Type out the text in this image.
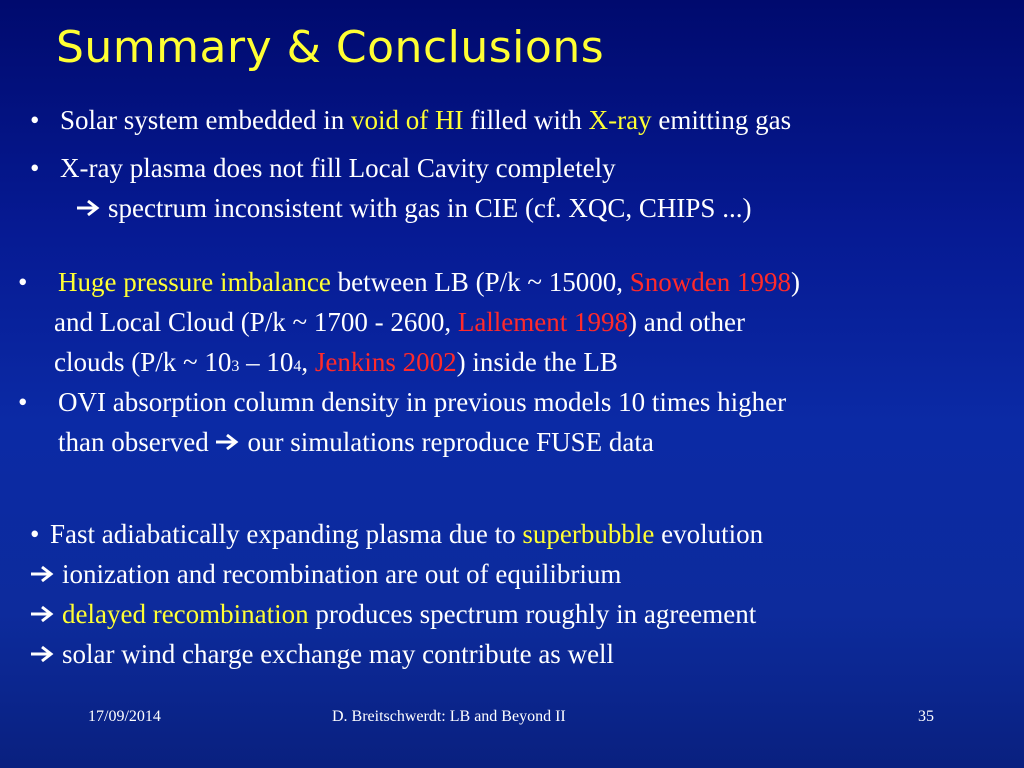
Summary & Conclusions
• Solar system embedded in
void of HI
filled with
X-ray
emitting gas
• X-ray plasma does not fill Local Cavity completely
spectrum inconsistent with gas in CIE (cf. XQC, CHIPS ...)
•	Huge pressure imbalance
between LB (P/k ~ 15000,
Snowden 1998 )
and Local Cloud (P/k ~ 1700 - 2600,
Lallement 1998 ) and other
clouds (P/k ~ 10 3
– 10 4 ,
Jenkins 2002 ) inside the LB
•	OVI absorption column density in previous models 10 times higher
than observed
our simulations reproduce FUSE data
• Fast adiabatically expanding plasma due to
superbubble
evolution
ionization and recombination are out of equilibrium
delayed recombination
produces spectrum roughly in agreement
solar wind charge exchange may contribute as well
17/09/2014	D. Breitschwerdt: LB and Beyond II	35
